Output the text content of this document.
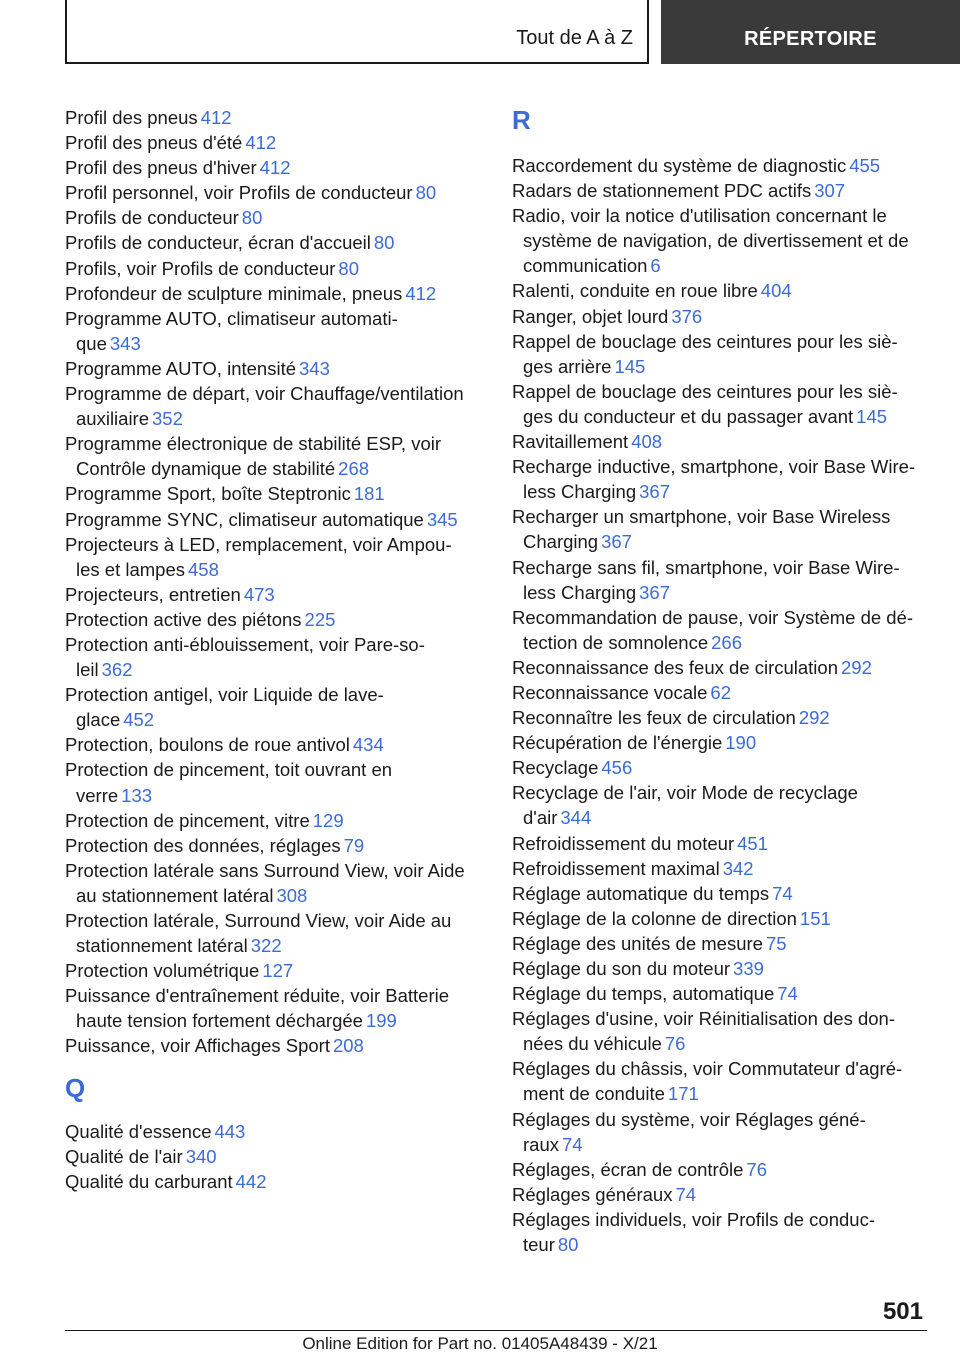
Tout de A à Z	RÉPERTOIRE

Profil des pneus 412

Profil des pneus d'été 412

Profil des pneus d'hiver 412

Profil personnel, voir Profils de conducteur 80

Profils de conducteur 80

Profils de conducteur, écran d'accueil 80

Profils, voir Profils de conducteur 80

Profondeur de sculpture minimale, pneus 412

Programme AUTO, climatiseur automati‐
que 343

Programme AUTO, intensité 343

Programme de départ, voir Chauffage/ventilation
auxiliaire 352

Programme électronique de stabilité ESP, voir
Contrôle dynamique de stabilité 268

Programme Sport, boîte Steptronic 181

Programme SYNC, climatiseur automatique 345

Projecteurs à LED, remplacement, voir Ampou‐
les et lampes 458

Projecteurs, entretien 473

Protection active des piétons 225

Protection anti-éblouissement, voir Pare-so‐
leil 362

Protection antigel, voir Liquide de lave‐
glace 452

Protection, boulons de roue antivol 434

Protection de pincement, toit ouvrant en
verre 133

Protection de pincement, vitre 129

Protection des données, réglages 79

Protection latérale sans Surround View, voir Aide
au stationnement latéral 308

Protection latérale, Surround View, voir Aide au
stationnement latéral 322

Protection volumétrique 127

Puissance d'entraînement réduite, voir Batterie
haute tension fortement déchargée 199

Puissance, voir Affichages Sport 208

Q

Qualité d'essence 443

Qualité de l'air 340

Qualité du carburant 442

R

Raccordement du système de diagnostic 455

Radars de stationnement PDC actifs 307

Radio, voir la notice d'utilisation concernant le
système de navigation, de divertissement et de
communication 6

Ralenti, conduite en roue libre 404

Ranger, objet lourd 376

Rappel de bouclage des ceintures pour les siè‐
ges arrière 145

Rappel de bouclage des ceintures pour les siè‐
ges du conducteur et du passager avant 145

Ravitaillement 408

Recharge inductive, smartphone, voir Base Wire‐
less Charging 367

Recharger un smartphone, voir Base Wireless
Charging 367

Recharge sans fil, smartphone, voir Base Wire‐
less Charging 367

Recommandation de pause, voir Système de dé‐
tection de somnolence 266

Reconnaissance des feux de circulation 292

Reconnaissance vocale 62

Reconnaître les feux de circulation 292

Récupération de l'énergie 190

Recyclage 456

Recyclage de l'air, voir Mode de recyclage
d'air 344

Refroidissement du moteur 451

Refroidissement maximal 342

Réglage automatique du temps 74

Réglage de la colonne de direction 151

Réglage des unités de mesure 75

Réglage du son du moteur 339

Réglage du temps, automatique 74

Réglages d'usine, voir Réinitialisation des don‐
nées du véhicule 76

Réglages du châssis, voir Commutateur d'agré‐
ment de conduite 171

Réglages du système, voir Réglages géné‐
raux 74

Réglages, écran de contrôle 76

Réglages généraux 74

Réglages individuels, voir Profils de conduc‐
teur 80

501
Online Edition for Part no. 01405A48439 - X/21
